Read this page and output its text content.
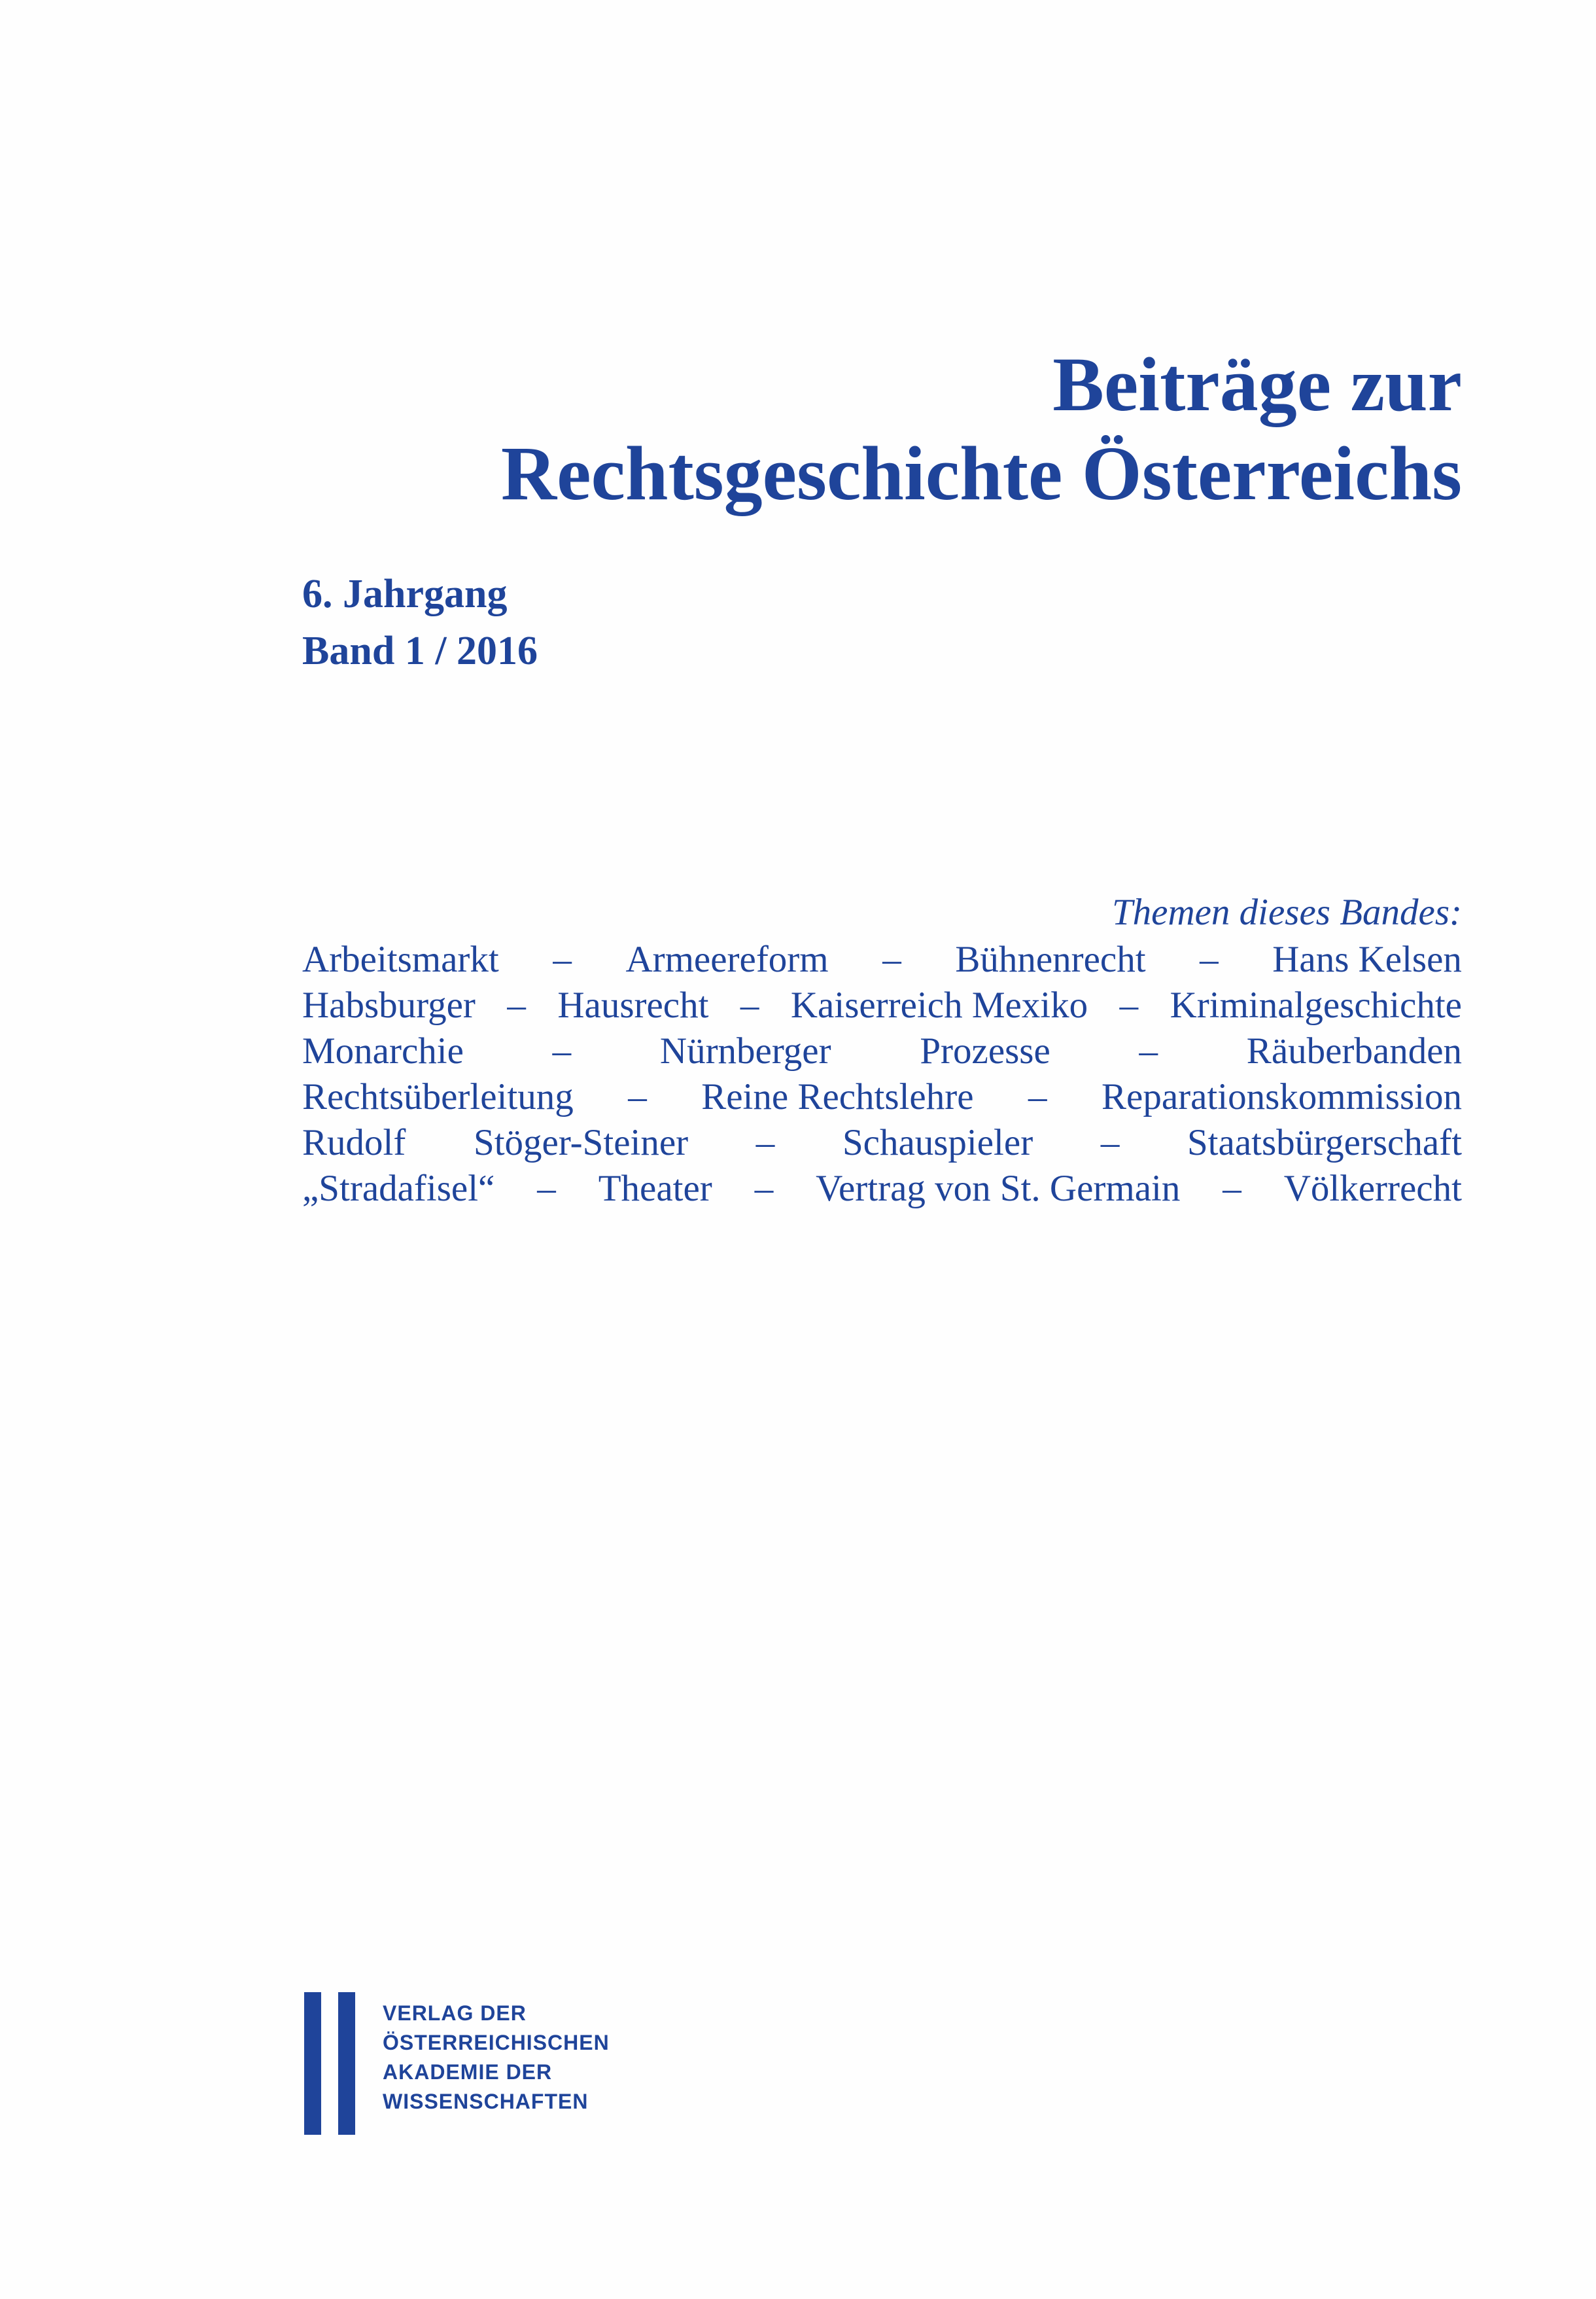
Beiträge zur
Rechtsgeschichte Österreichs
6. Jahrgang
Band 1 / 2016
Themen dieses Bandes:
Arbeitsmarkt – Armeereform – Bühnenrecht – Hans Kelsen
Habsburger – Hausrecht – Kaiserreich Mexiko – Kriminalgeschichte
Monarchie – Nürnberger Prozesse – Räuberbanden
Rechtsüberleitung – Reine Rechtslehre – Reparationskommission
Rudolf Stöger-Steiner – Schauspieler – Staatsbürgerschaft
„Stradafisel“ – Theater – Vertrag von St. Germain – Völkerrecht
VERLAG DER
ÖSTERREICHISCHEN
AKADEMIE DER
WISSENSCHAFTEN
